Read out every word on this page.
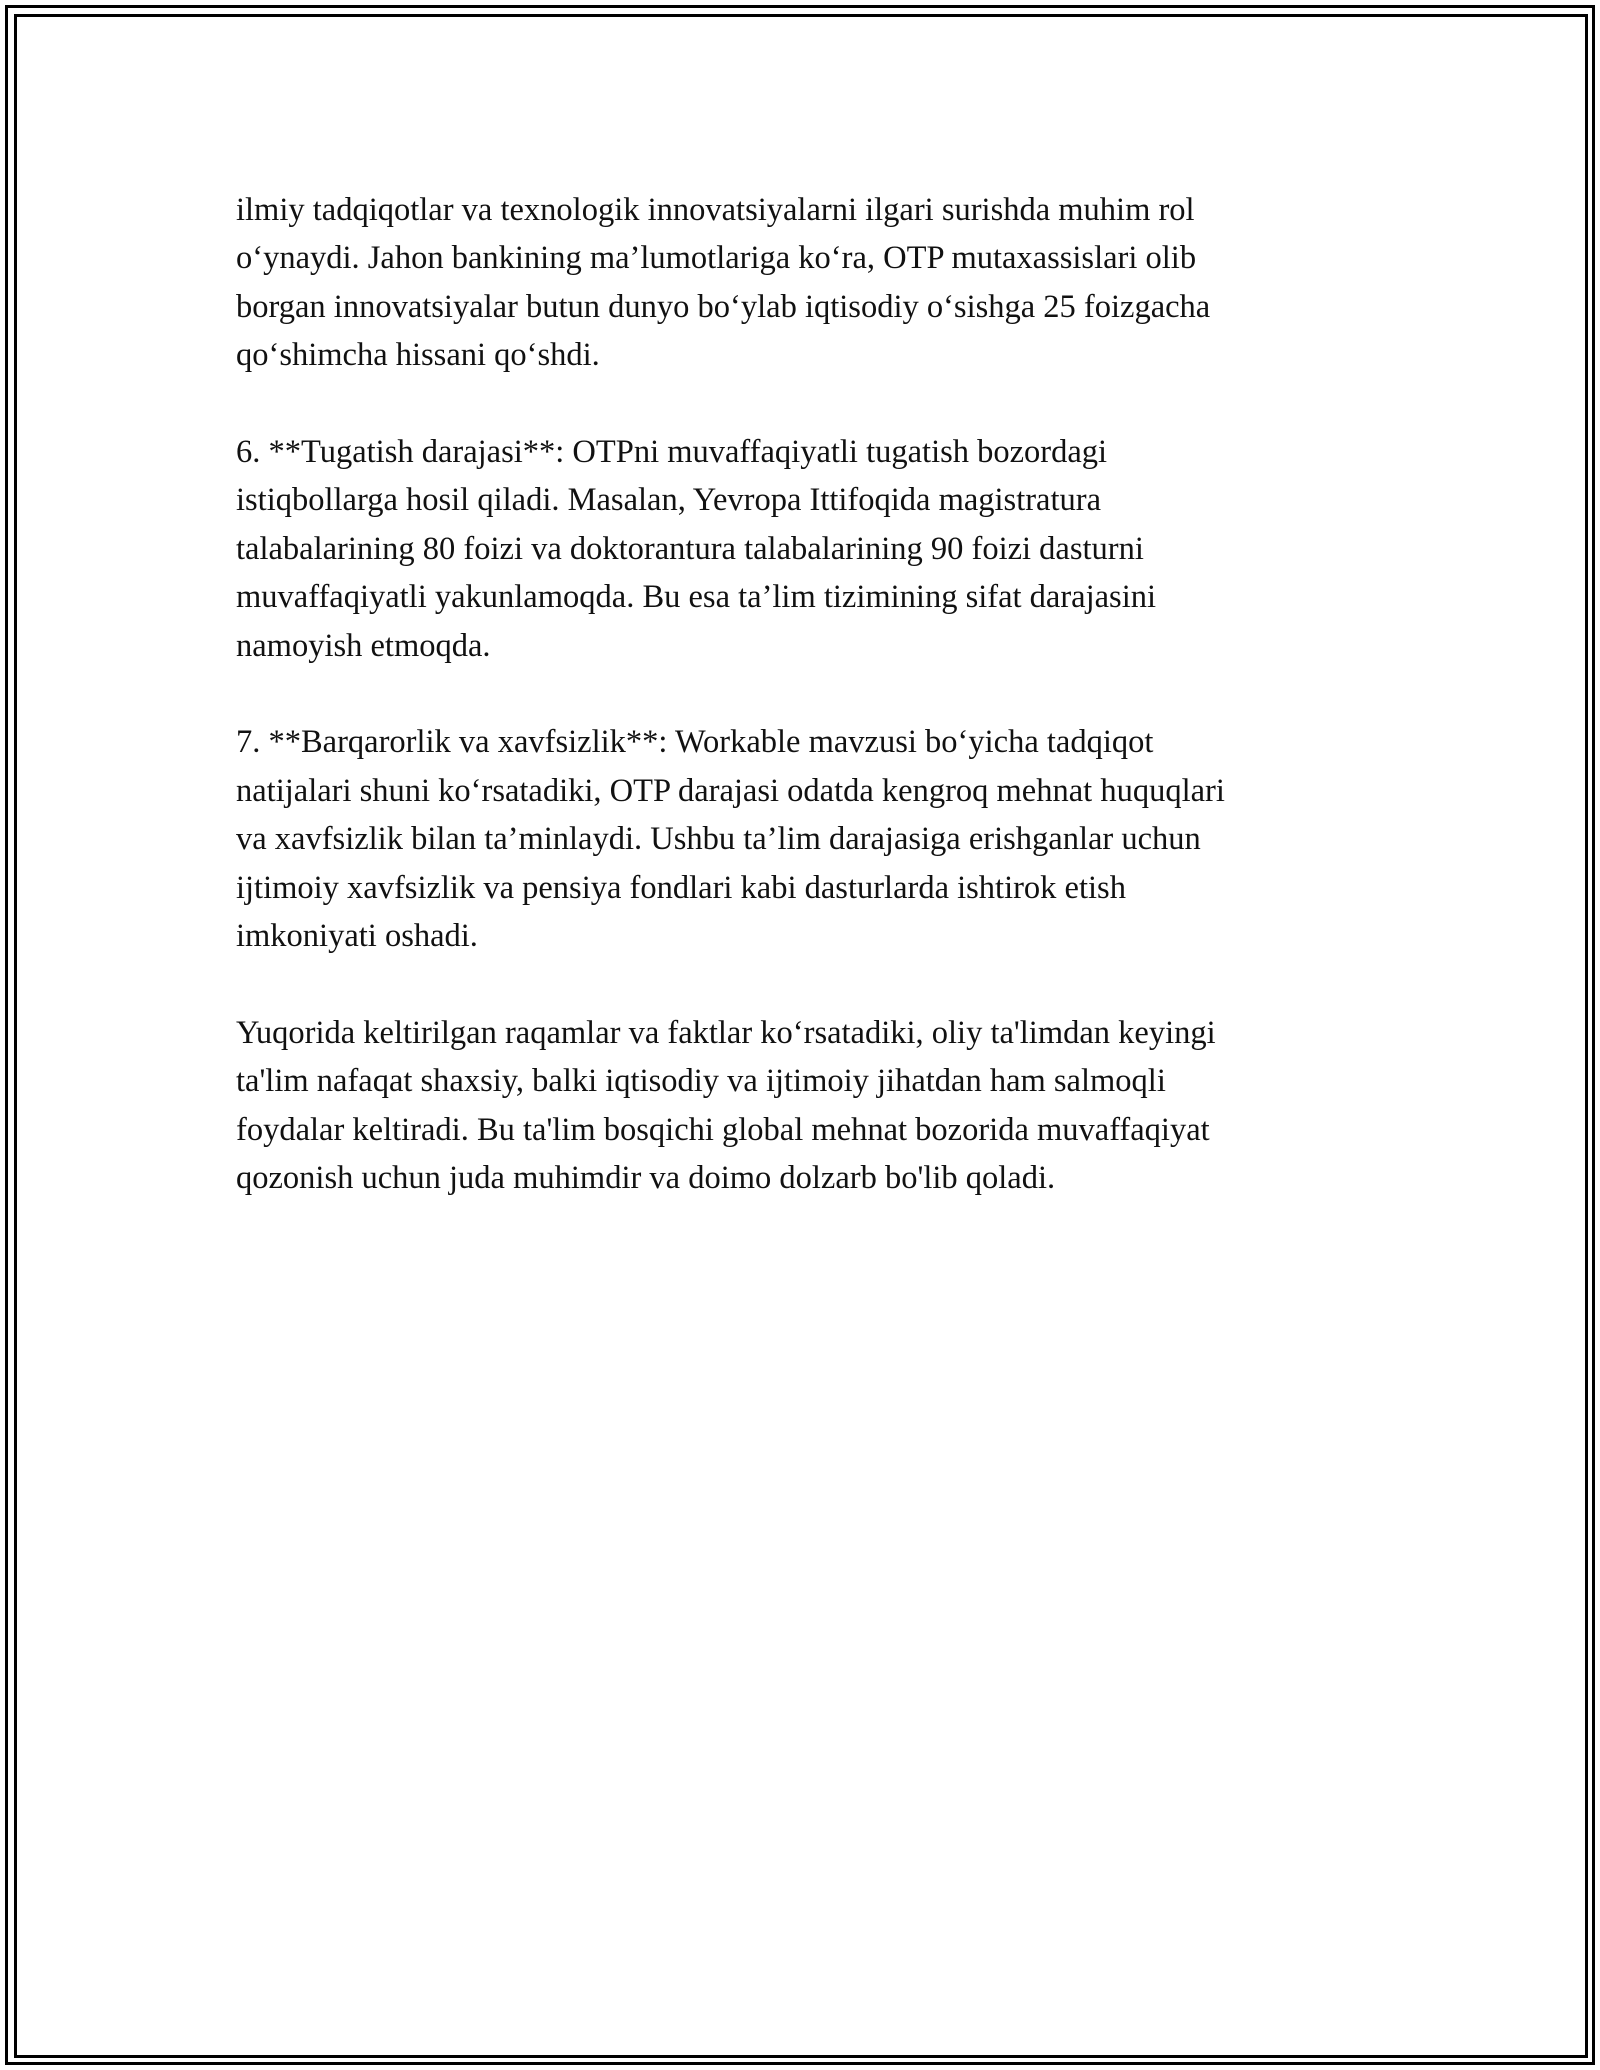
ilmiy tadqiqotlar va texnologik innovatsiyalarni ilgari surishda muhim rol
o‘ynaydi. Jahon bankining ma’lumotlariga ko‘ra, OTP mutaxassislari olib
borgan innovatsiyalar butun dunyo bo‘ylab iqtisodiy o‘sishga 25 foizgacha
qo‘shimcha hissani qo‘shdi.

6. **Tugatish darajasi**: OTPni muvaffaqiyatli tugatish bozordagi
istiqbollarga hosil qiladi. Masalan, Yevropa Ittifoqida magistratura
talabalarining 80 foizi va doktorantura talabalarining 90 foizi dasturni
muvaffaqiyatli yakunlamoqda. Bu esa ta’lim tizimining sifat darajasini
namoyish etmoqda.

7. **Barqarorlik va xavfsizlik**: Workable mavzusi bo‘yicha tadqiqot
natijalari shuni ko‘rsatadiki, OTP darajasi odatda kengroq mehnat huquqlari
va xavfsizlik bilan ta’minlaydi. Ushbu ta’lim darajasiga erishganlar uchun
ijtimoiy xavfsizlik va pensiya fondlari kabi dasturlarda ishtirok etish
imkoniyati oshadi.

Yuqorida keltirilgan raqamlar va faktlar ko‘rsatadiki, oliy ta'limdan keyingi
ta'lim nafaqat shaxsiy, balki iqtisodiy va ijtimoiy jihatdan ham salmoqli
foydalar keltiradi. Bu ta'lim bosqichi global mehnat bozorida muvaffaqiyat
qozonish uchun juda muhimdir va doimo dolzarb bo'lib qoladi.
